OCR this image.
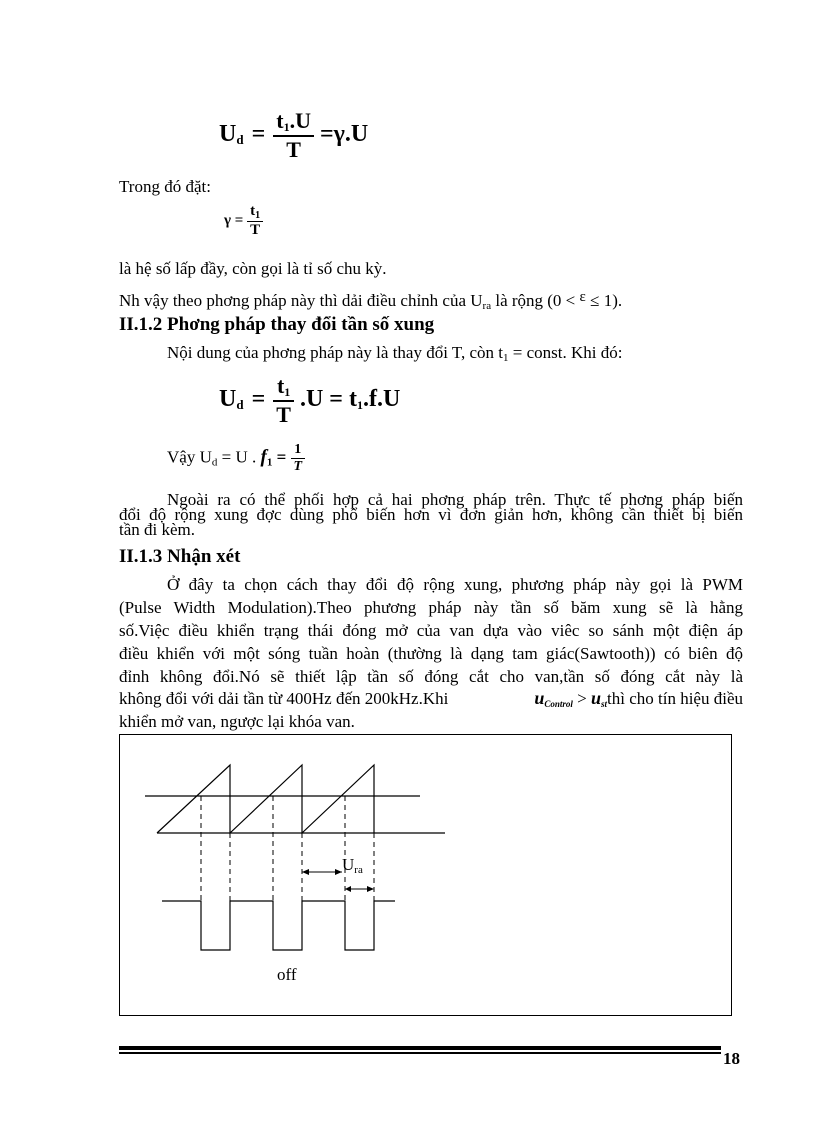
$U_d = \frac{t_1.U}{T} =\gamma.U$
Trong đó đặt:
$\gamma = \frac{t_1}{T}$
là hệ số lấp đầy, còn gọi là tỉ số chu kỳ.
Nh vậy theo phơng pháp này thì dải điều chỉnh của $U_{ra}$ là rộng (0 < ε ≤ 1).
II.1.2 Phơng pháp thay đổi tần số xung
Nội dung của phơng pháp này là thay đổi T, còn $t_1$ = const. Khi đó:
$U_d = \frac{t_1}{T} .U = t_1.f.U$
Vậy $U_d = U$ . $f_1 = \frac{1}{T}$
Ngoài ra có thể phối hợp cả hai phơng pháp trên. Thực tế phơng pháp biến
đổi độ rộng xung đợc dùng phổ biến hơn vì đơn giản hơn, không cần thiết bị biến
tần đi kèm.
II.1.3 Nhận xét
Ở đây ta chọn cách thay đổi độ rộng xung, phương pháp này gọi là PWM
(Pulse Width Modulation).Theo phương pháp này tần số băm xung sẽ là hằng
số.Việc điều khiển trạng thái đóng mở của van dựa vào viêc so sánh một điện áp
điều khiển với một sóng tuần hoàn (thường là dạng tam giác(Sawtooth)) có biên độ
đỉnh không đổi.Nó sẽ thiết lập tần số đóng cắt cho van,tần số đóng cắt này là
không đổi với dải tần từ 400Hz đến 200kHz.Khi	$u_{Control}$ > $u_{st}thì$ cho tín hiệu điều
khiển mở van, ngược lại khóa van.
$U_{ra}$
off
18
